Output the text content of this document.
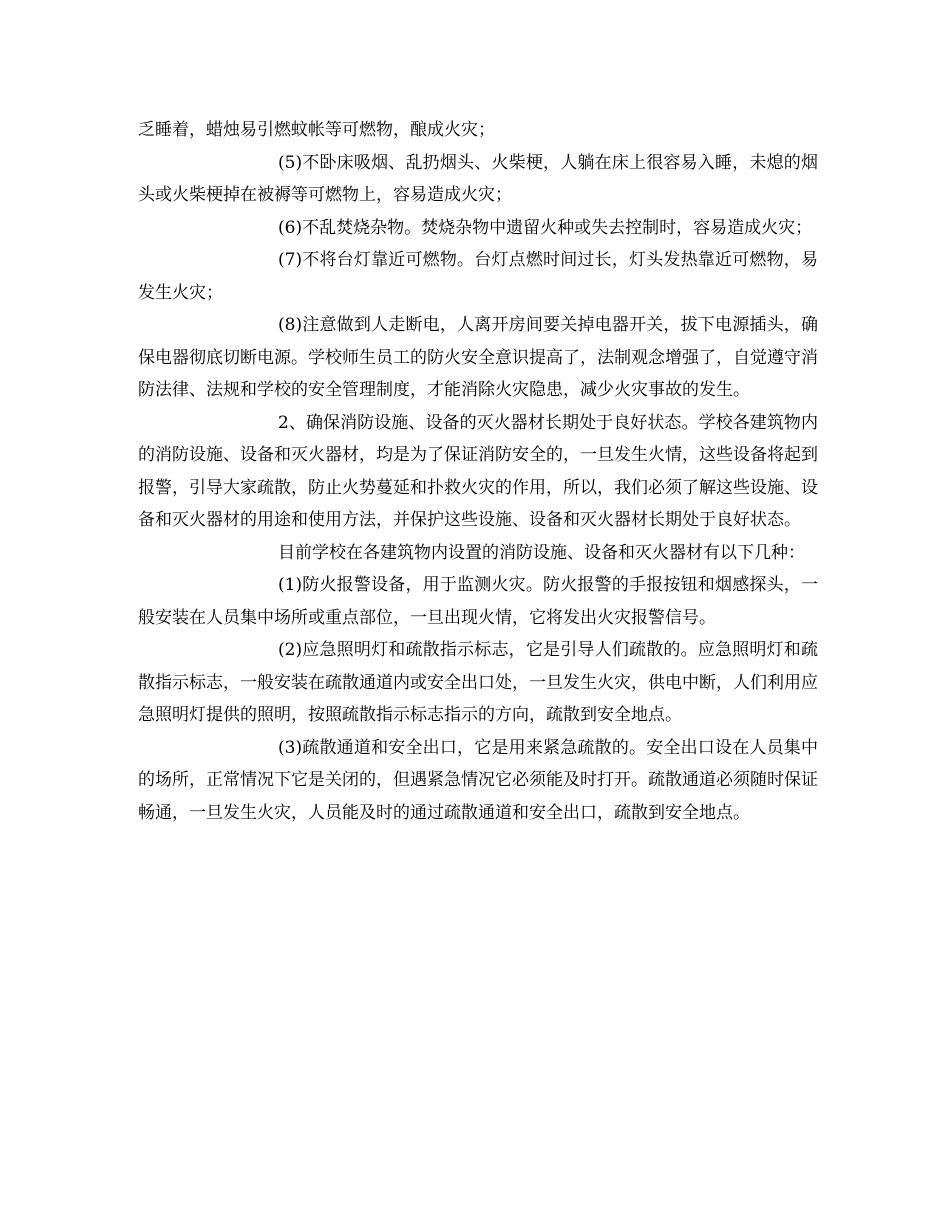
乏睡着，蜡烛易引燃蚊帐等可燃物，酿成火灾；

(5)不卧床吸烟、乱扔烟头、火柴梗，人躺在床上很容易入睡，未熄的烟头或火柴梗掉在被褥等可燃物上，容易造成火灾；

(6)不乱焚烧杂物。焚烧杂物中遗留火种或失去控制时，容易造成火灾；

(7)不将台灯靠近可燃物。台灯点燃时间过长，灯头发热靠近可燃物，易发生火灾；

(8)注意做到人走断电，人离开房间要关掉电器开关，拔下电源插头，确保电器彻底切断电源。学校师生员工的防火安全意识提高了，法制观念增强了，自觉遵守消防法律、法规和学校的安全管理制度，才能消除火灾隐患，减少火灾事故的发生。

2、确保消防设施、设备的灭火器材长期处于良好状态。学校各建筑物内的消防设施、设备和灭火器材，均是为了保证消防安全的，一旦发生火情，这些设备将起到报警，引导大家疏散，防止火势蔓延和扑救火灾的作用，所以，我们必须了解这些设施、设备和灭火器材的用途和使用方法，并保护这些设施、设备和灭火器材长期处于良好状态。

目前学校在各建筑物内设置的消防设施、设备和灭火器材有以下几种：

(1)防火报警设备，用于监测火灾。防火报警的手报按钮和烟感探头，一般安装在人员集中场所或重点部位，一旦出现火情，它将发出火灾报警信号。

(2)应急照明灯和疏散指示标志，它是引导人们疏散的。应急照明灯和疏散指示标志，一般安装在疏散通道内或安全出口处，一旦发生火灾，供电中断，人们利用应急照明灯提供的照明，按照疏散指示标志指示的方向，疏散到安全地点。

(3)疏散通道和安全出口，它是用来紧急疏散的。安全出口设在人员集中的场所，正常情况下它是关闭的，但遇紧急情况它必须能及时打开。疏散通道必须随时保证畅通，一旦发生火灾，人员能及时的通过疏散通道和安全出口，疏散到安全地点。
